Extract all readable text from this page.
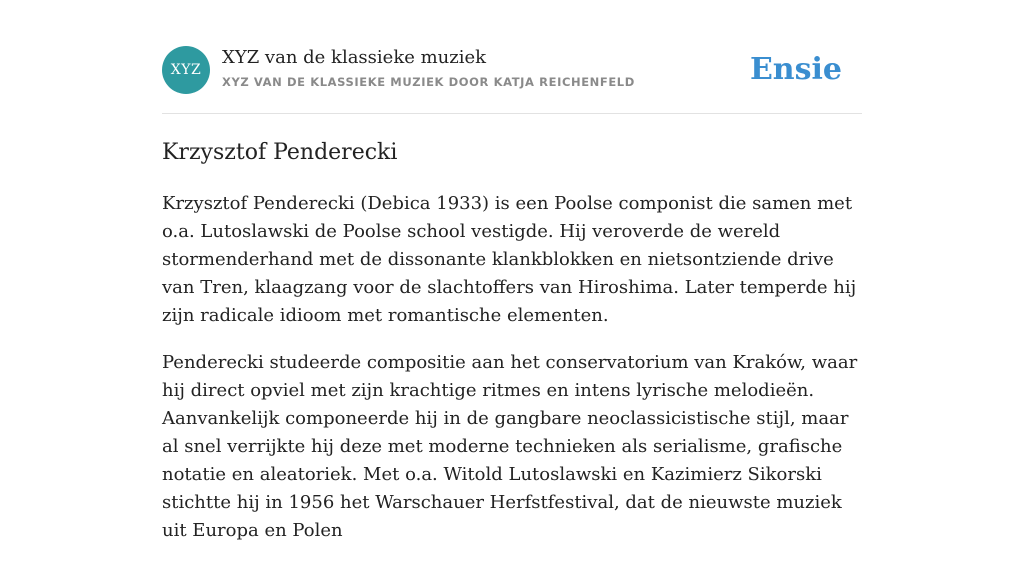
XYZ
XYZ van de klassieke muziek
XYZ VAN DE KLASSIEKE MUZIEK DOOR KATJA REICHENFELD	Ensie
Krzysztof Penderecki

Krzysztof Penderecki (Debica 1933) is een Poolse componist die samen met o.a. Lutoslawski de Poolse school vestigde. Hij veroverde de wereld stormenderhand met de dissonante klankblokken en nietsontziende drive van Tren, klaagzang voor de slachtoffers van Hiroshima. Later temperde hij zijn radicale idioom met romantische elementen.

Penderecki studeerde compositie aan het conservatorium van Kraków, waar hij direct opviel met zijn krachtige ritmes en intens lyrische melodieën. Aanvankelijk componeerde hij in de gangbare neoclassicistische stijl, maar al snel verrijkte hij deze met moderne technieken als serialisme, grafische notatie en aleatoriek. Met o.a. Witold Lutoslawski en Kazimierz Sikorski stichtte hij in 1956 het Warschauer Herfstfestival, dat de nieuwste muziek uit Europa en Polen
